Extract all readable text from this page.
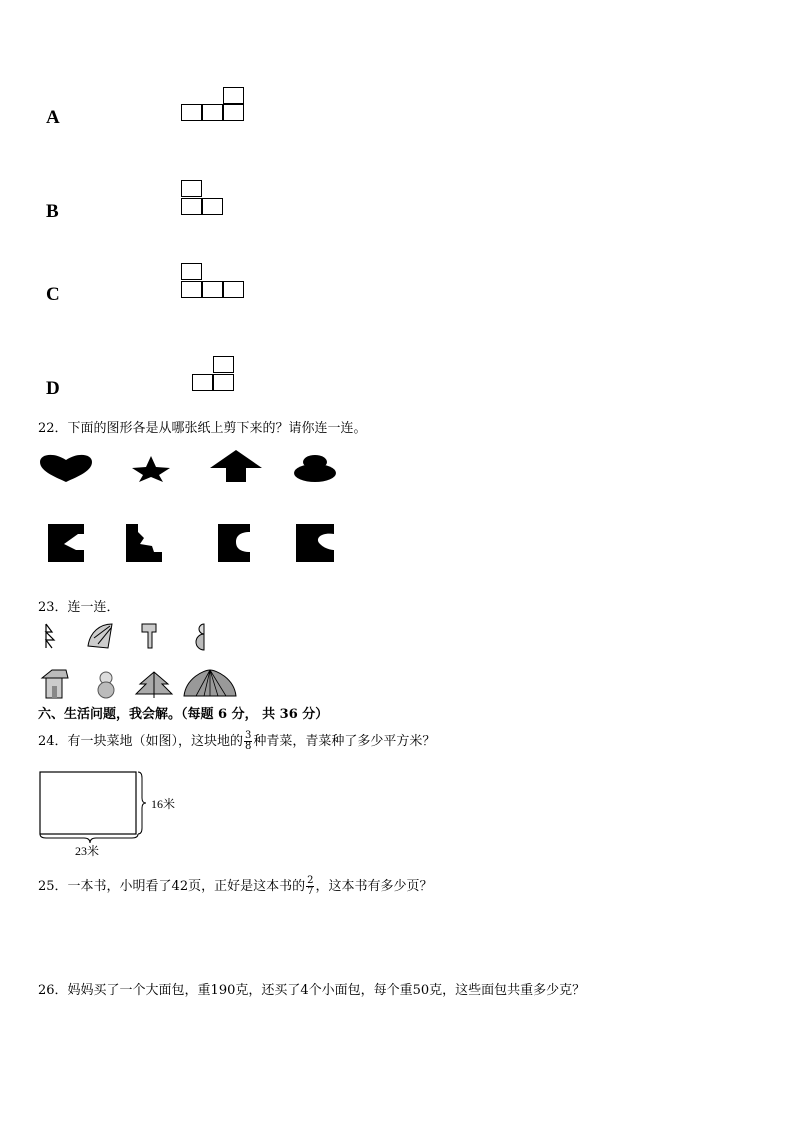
A
B
C
D
22．下面的图形各是从哪张纸上剪下来的？请你连一连。
23．连一连．
六、生活问题，我会解。（每题 6 分， 共 36 分）
24．有一块菜地（如图），这块地的 $\frac{3}{8}$ 种青菜，青菜种了多少平方米？
16米
23米
25．一本书，小明看了42页，正好是这本书的 $\frac{2}{7}$ ，这本书有多少页？
26．妈妈买了一个大面包，重190克，还买了4个小面包，每个重50克，这些面包共重多少克？
